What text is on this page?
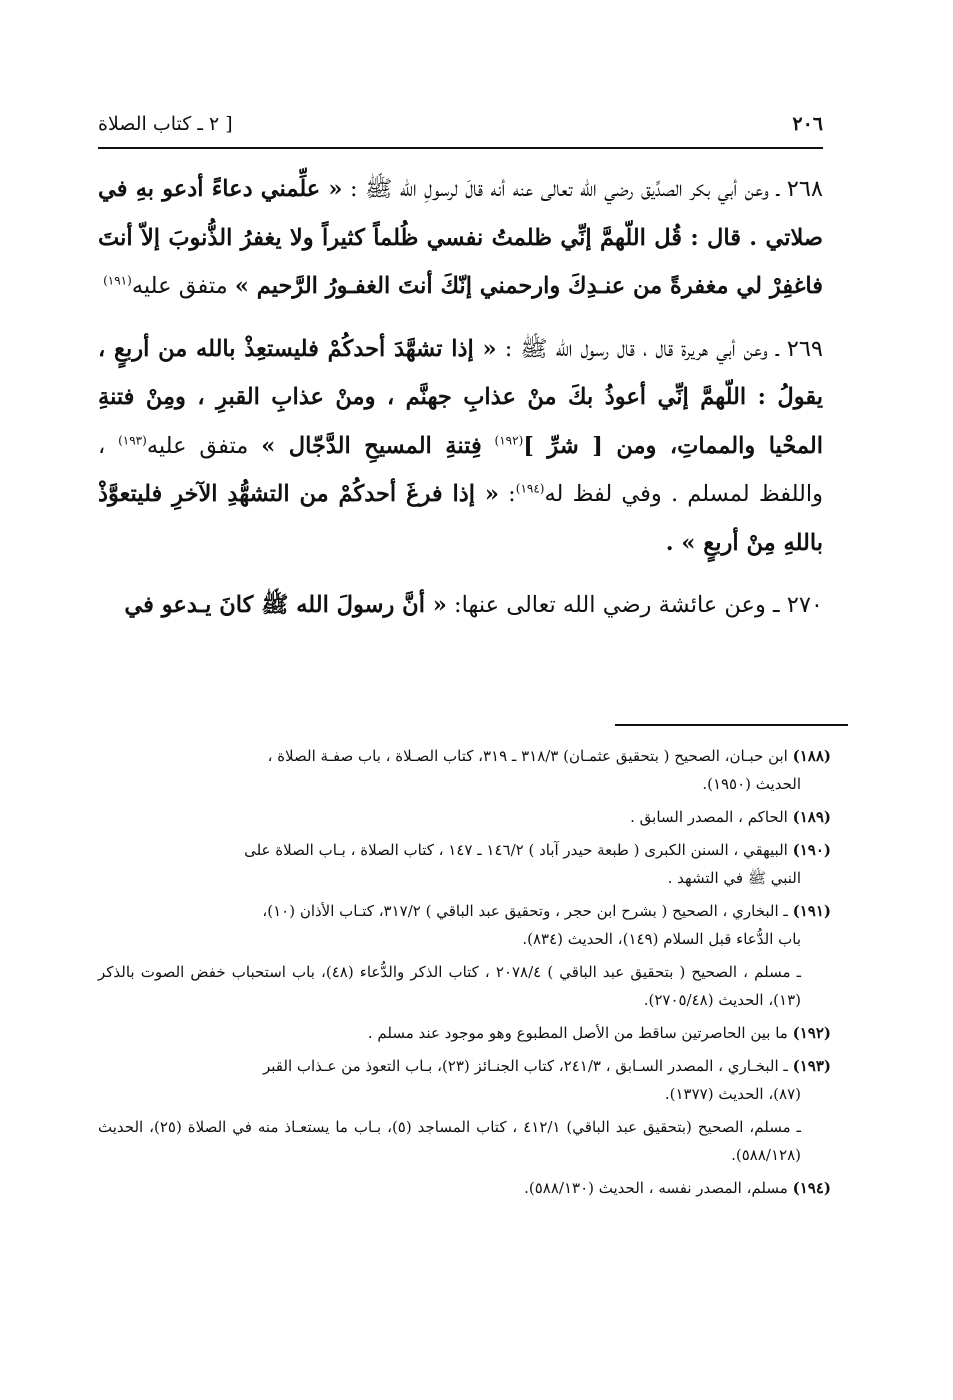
٢٠٦
[ ٢ ـ كتاب الصلاة

٢٦٨ ـ وعن أبي بكر الصدِّيق رضي الله تعالى عنه أنه قالَ لرسولِ الله ﷺ : « علِّمني دعاءً أدعو بهِ في صلاتي . قال : قُل اللّهمَّ إنِّي ظلمتُ نفسي ظُلماً كثيراً ولا يغفرُ الذُّنوبَ إلاّ أنتَ فاغفِرْ لي مغفرةً من عنـدِكَ وارحمني إنّكَ أنتَ الغفـورُ الرَّحيم » متفق عليه$^{(١٩١)}$

٢٦٩ ـ وعن أبي هريرة قال ، قال رسول الله ﷺ : « إذا تشهَّدَ أحدكُمْ فليستعِذْ بالله من أربعٍ ، يقولُ : اللّهمَّ إنِّي أعوذُ بكَ منْ عذابِ جهنَّم ، ومنْ عذابِ القبرِ ، ومِنْ فتنةِ المحْيا والمماتِ، ومن [ شرِّ ]$^{(١٩٢)}$ فِتنةِ المسيحِ الدَّجّال » متفق عليه$^{(١٩٣)}$ ، واللفظ لمسلم . وفي لفظ له$^{(١٩٤)}$: « إذا فرغَ أحدكُمْ من التشهُّدِ الآخرِ فليتعوَّذْ باللهِ مِنْ أربعٍ » .

٢٧٠ ـ وعن عائشة رضي الله تعالى عنها: « أنَّ رسولَ الله ﷺ كانَ يـدعو في

(١٨٨) ابن حبـان، الصحيح ( بتحقيق عثمـان) ٣١٨/٣ ـ ٣١٩، كتاب الصـلاة ، باب صفـة الصلاة ،
الحديث (١٩٥٠).
(١٨٩) الحاكم ، المصدر السابق .
(١٩٠) البيهقي ، السنن الكبرى ( طبعة حيدر آباد ) ١٤٦/٢ ـ ١٤٧ ، كتاب الصلاة ، بـاب الصلاة على
النبي ﷺ في التشهد .
(١٩١) ـ البخاري ، الصحيح ( بشرح ابن حجر ، وتحقيق عبد الباقي ) ٣١٧/٢، كتـاب الأذان (١٠)،
باب الدُّعاء قبل السلام (١٤٩)، الحديث (٨٣٤).
ـ مسلم ، الصحيح ( بتحقيق عبد الباقي ) ٢٠٧٨/٤ ، كتاب الذكر والدُّعاء (٤٨)، باب استحباب خفض الصوت بالذكر (١٣)، الحديث (٢٧٠٥/٤٨).
(١٩٢) ما بين الحاصرتين ساقط من الأصل المطبوع وهو موجود عند مسلم .
(١٩٣) ـ البخـاري ، المصدر السـابق ، ٢٤١/٣، كتاب الجنـائز (٢٣)، بـاب التعوذ من عـذاب القبر
(٨٧)، الحديث (١٣٧٧).
ـ مسلم، الصحيح (بتحقيق عبد الباقي) ٤١٢/١ ، كتاب المساجد (٥)، بـاب ما يستعـاذ منه في الصلاة (٢٥)، الحديث (٥٨٨/١٢٨).
(١٩٤) مسلم، المصدر نفسه ، الحديث (٥٨٨/١٣٠).
